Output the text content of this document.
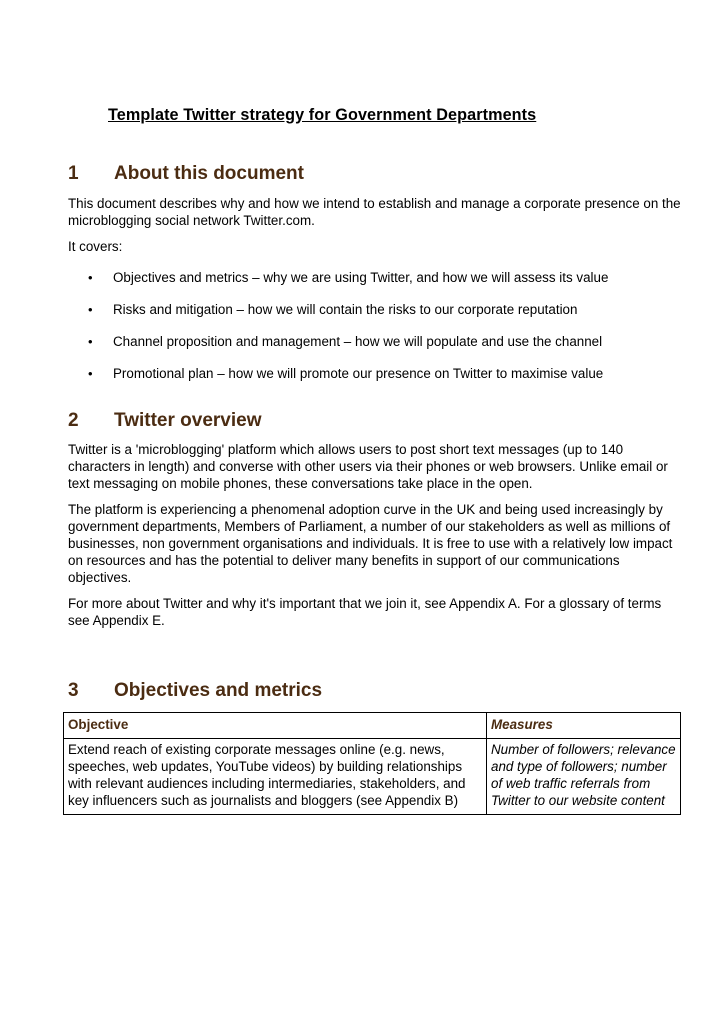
Template Twitter strategy for Government Departments
1 About this document

This document describes why and how we intend to establish and manage a corporate presence on the microblogging social network Twitter.com.

It covers:

• Objectives and metrics – why we are using Twitter, and how we will assess its value
• Risks and mitigation – how we will contain the risks to our corporate reputation
• Channel proposition and management – how we will populate and use the channel
• Promotional plan – how we will promote our presence on Twitter to maximise value
2 Twitter overview

Twitter is a 'microblogging' platform which allows users to post short text messages (up to 140 characters in length) and converse with other users via their phones or web browsers. Unlike email or text messaging on mobile phones, these conversations take place in the open.

The platform is experiencing a phenomenal adoption curve in the UK and being used increasingly by government departments, Members of Parliament, a number of our stakeholders as well as millions of businesses, non government organisations and individuals. It is free to use with a relatively low impact on resources and has the potential to deliver many benefits in support of our communications objectives.

For more about Twitter and why it's important that we join it, see Appendix A. For a glossary of terms see Appendix E.

3 Objectives and metrics
Objective	Measures
Extend reach of existing corporate messages online (e.g. news, speeches, web updates, YouTube videos) by building relationships with relevant audiences including intermediaries, stakeholders, and key influencers such as journalists and bloggers (see Appendix B)	Number of followers; relevance and type of followers; number of web traffic referrals from Twitter to our website content
